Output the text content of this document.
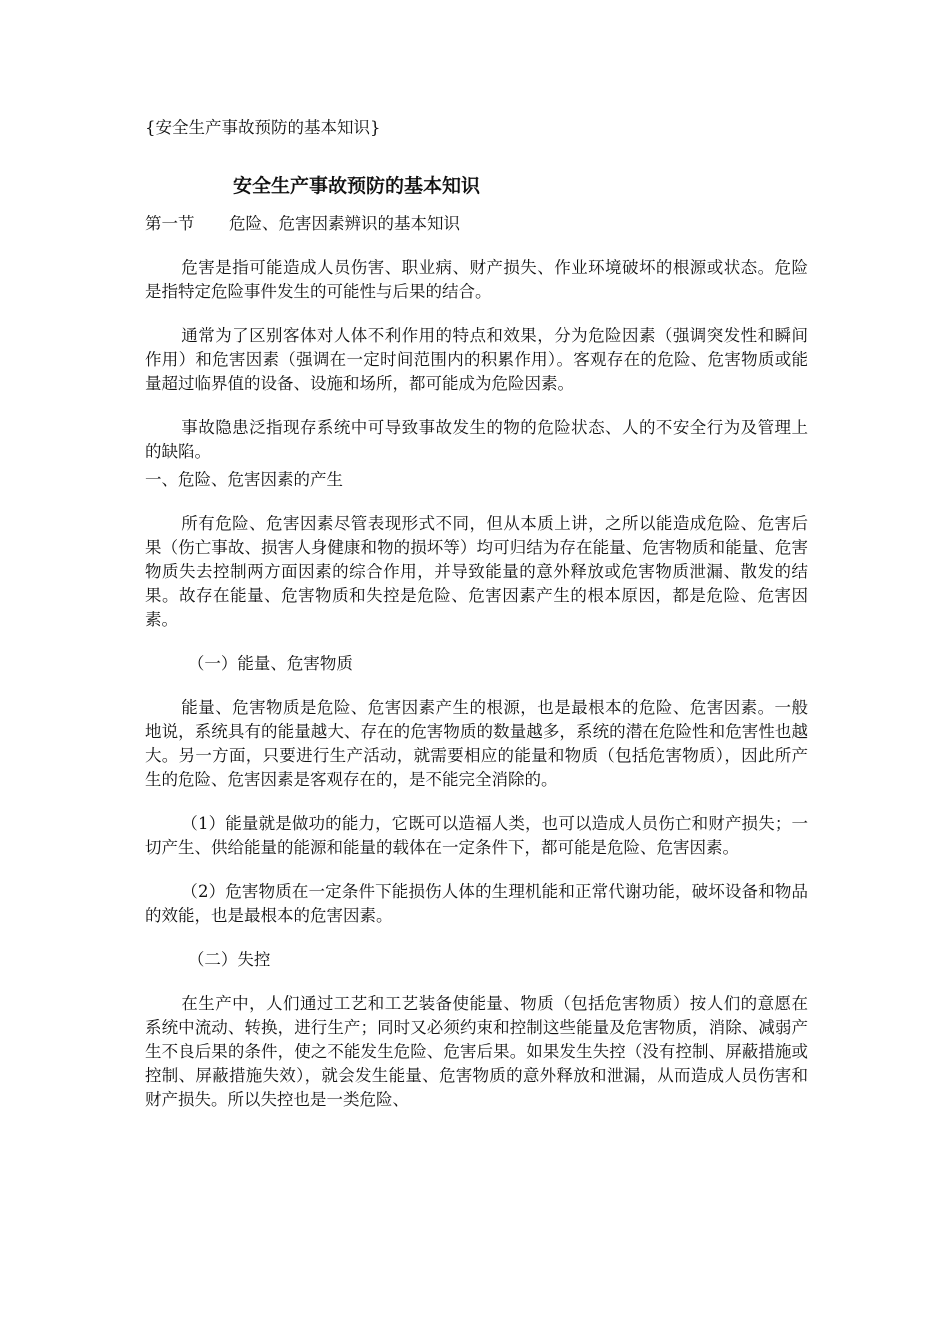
{安全生产事故预防的基本知识}

安全生产事故预防的基本知识

第一节 危险、危害因素辨识的基本知识

危害是指可能造成人员伤害、职业病、财产损失、作业环境破坏的根源或状态。危险是指特定危险事件发生的可能性与后果的结合。

通常为了区别客体对人体不利作用的特点和效果，分为危险因素（强调突发性和瞬间作用）和危害因素（强调在一定时间范围内的积累作用）。客观存在的危险、危害物质或能量超过临界值的设备、设施和场所，都可能成为危险因素。

事故隐患泛指现存系统中可导致事故发生的物的危险状态、人的不安全行为及管理上的缺陷。

一、危险、危害因素的产生

所有危险、危害因素尽管表现形式不同，但从本质上讲，之所以能造成危险、危害后果（伤亡事故、损害人身健康和物的损坏等）均可归结为存在能量、危害物质和能量、危害物质失去控制两方面因素的综合作用，并导致能量的意外释放或危害物质泄漏、散发的结果。故存在能量、危害物质和失控是危险、危害因素产生的根本原因，都是危险、危害因素。

（一）能量、危害物质

能量、危害物质是危险、危害因素产生的根源，也是最根本的危险、危害因素。一般地说，系统具有的能量越大、存在的危害物质的数量越多，系统的潜在危险性和危害性也越大。另一方面，只要进行生产活动，就需要相应的能量和物质（包括危害物质），因此所产生的危险、危害因素是客观存在的，是不能完全消除的。

（1）能量就是做功的能力，它既可以造福人类，也可以造成人员伤亡和财产损失；一切产生、供给能量的能源和能量的载体在一定条件下，都可能是危险、危害因素。

（2）危害物质在一定条件下能损伤人体的生理机能和正常代谢功能，破坏设备和物品的效能，也是最根本的危害因素。

（二）失控

在生产中，人们通过工艺和工艺装备使能量、物质（包括危害物质）按人们的意愿在系统中流动、转换，进行生产；同时又必须约束和控制这些能量及危害物质，消除、减弱产生不良后果的条件，使之不能发生危险、危害后果。如果发生失控（没有控制、屏蔽措施或控制、屏蔽措施失效），就会发生能量、危害物质的意外释放和泄漏，从而造成人员伤害和财产损失。所以失控也是一类危险、
